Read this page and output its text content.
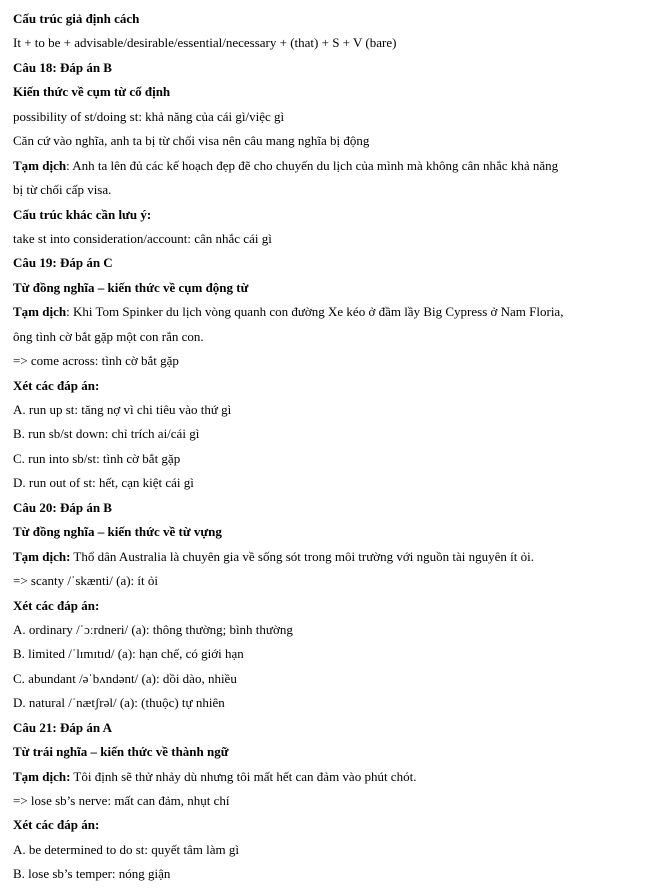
Cấu trúc giả định cách
It + to be + advisable/desirable/essential/necessary + (that) + S + V (bare)
Câu 18: Đáp án B
Kiến thức về cụm từ cố định
possibility of st/doing st: khả năng của cái gì/việc gì
Căn cứ vào nghĩa, anh ta bị từ chối visa nên câu mang nghĩa bị động
Tạm dịch: Anh ta lên đủ các kế hoạch đẹp đẽ cho chuyến du lịch của mình mà không cân nhắc khả năng
bị từ chối cấp visa.
Cấu trúc khác cần lưu ý:
take st into consideration/account: cân nhắc cái gì
Câu 19: Đáp án C
Từ đồng nghĩa – kiến thức về cụm động từ
Tạm dịch: Khi Tom Spinker du lịch vòng quanh con đường Xe kéo ở đầm lầy Big Cypress ở Nam Floria,
ông tình cờ bắt gặp một con rắn con.
=> come across: tình cờ bắt gặp
Xét các đáp án:
A. run up st: tăng nợ vì chi tiêu vào thứ gì
B. run sb/st down: chỉ trích ai/cái gì
C. run into sb/st: tình cờ bắt gặp
D. run out of st: hết, cạn kiệt cái gì
Câu 20: Đáp án B
Từ đồng nghĩa – kiến thức về từ vựng
Tạm dịch: Thổ dân Australia là chuyên gia về sống sót trong môi trường với nguồn tài nguyên ít ỏi.
=> scanty /ˈskænti/ (a): ít ỏi
Xét các đáp án:
A. ordinary /ˈɔːrdneri/ (a): thông thường; bình thường
B. limited /ˈlɪmɪtɪd/ (a): hạn chế, có giới hạn
C. abundant /əˈbʌndənt/ (a): dồi dào, nhiều
D. natural /ˈnætʃrəl/ (a): (thuộc) tự nhiên
Câu 21: Đáp án A
Từ trái nghĩa – kiến thức về thành ngữ
Tạm dịch: Tôi định sẽ thử nhảy dù nhưng tôi mất hết can đảm vào phút chót.
=> lose sb’s nerve: mất can đảm, nhụt chí
Xét các đáp án:
A. be determined to do st: quyết tâm làm gì
B. lose sb’s temper: nóng giận
